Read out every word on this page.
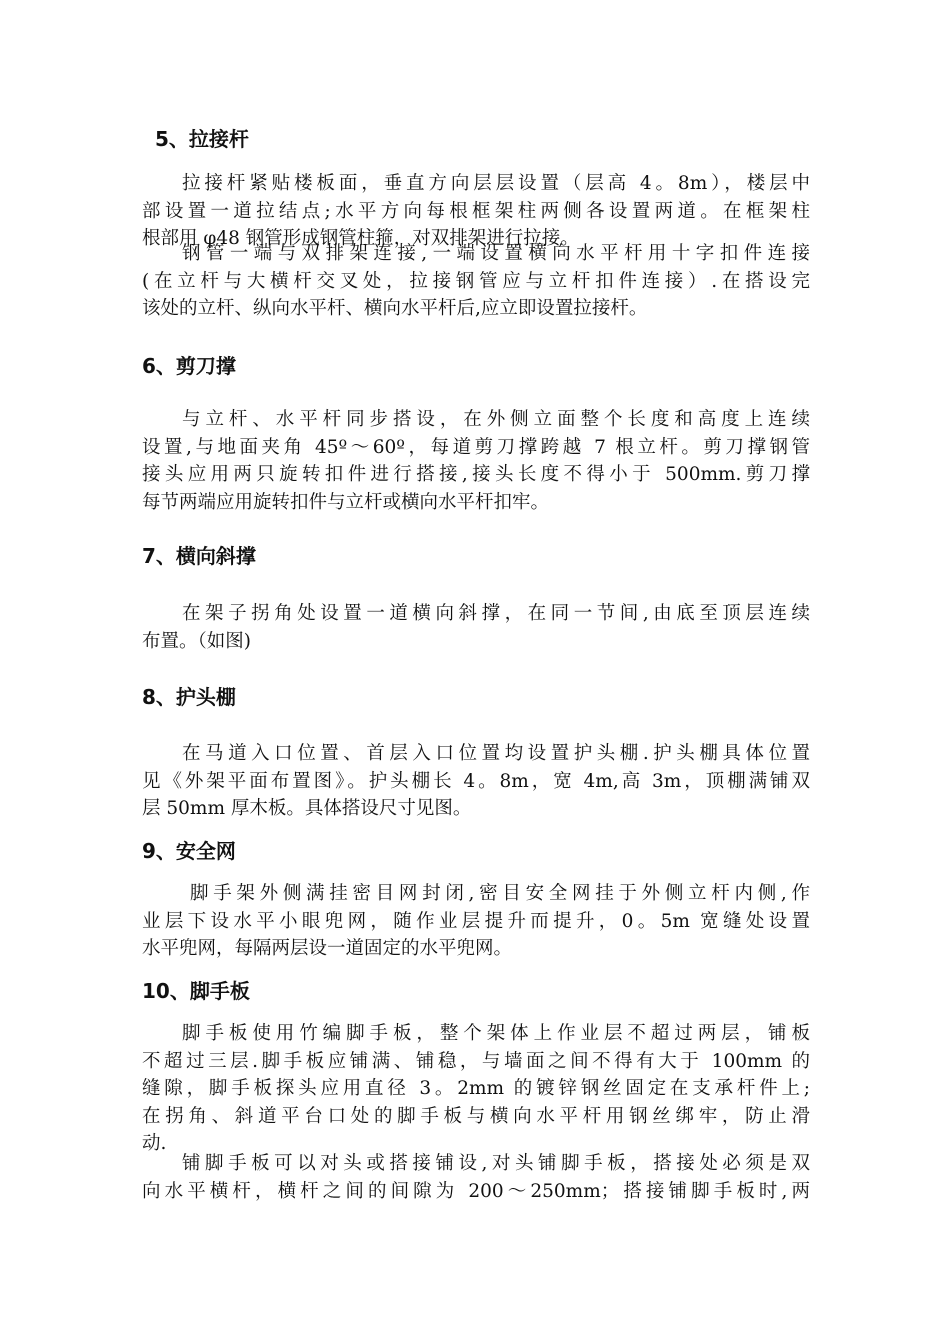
5、拉接杆
拉接杆紧贴楼板面，垂直方向层层设置（层高 4。8m），楼层中
部设置一道拉结点;水平方向每根框架柱两侧各设置两道。在框架柱
根部用 φ48 钢管形成钢管柱箍，对双排架进行拉接。
钢管一端与双排架连接,一端设置横向水平杆用十字扣件连接
(在立杆与大横杆交叉处，拉接钢管应与立杆扣件连接）.在搭设完
该处的立杆、纵向水平杆、横向水平杆后,应立即设置拉接杆。
6、剪刀撑
与立杆、水平杆同步搭设，在外侧立面整个长度和高度上连续
设置,与地面夹角 45º～60º，每道剪刀撑跨越 7 根立杆。剪刀撑钢管
接头应用两只旋转扣件进行搭接,接头长度不得小于 500mm.剪刀撑
每节两端应用旋转扣件与立杆或横向水平杆扣牢。
7、横向斜撑
在架子拐角处设置一道横向斜撑，在同一节间,由底至顶层连续
布置。（如图)
8、护头棚
在马道入口位置、首层入口位置均设置护头棚.护头棚具体位置
见《外架平面布置图》。护头棚长 4。8m，宽 4m,高 3m，顶棚满铺双
层 50mm 厚木板。具体搭设尺寸见图。
9、安全网
脚手架外侧满挂密目网封闭,密目安全网挂于外侧立杆内侧,作
业层下设水平小眼兜网，随作业层提升而提升，0。5m 宽缝处设置
水平兜网，每隔两层设一道固定的水平兜网。
10、脚手板
脚手板使用竹编脚手板，整个架体上作业层不超过两层，铺板
不超过三层.脚手板应铺满、铺稳，与墙面之间不得有大于 100mm 的
缝隙，脚手板探头应用直径 3。2mm 的镀锌钢丝固定在支承杆件上;
在拐角、斜道平台口处的脚手板与横向水平杆用钢丝绑牢，防止滑
动.
铺脚手板可以对头或搭接铺设,对头铺脚手板，搭接处必须是双
向水平横杆，横杆之间的间隙为 200～250mm；搭接铺脚手板时,两
